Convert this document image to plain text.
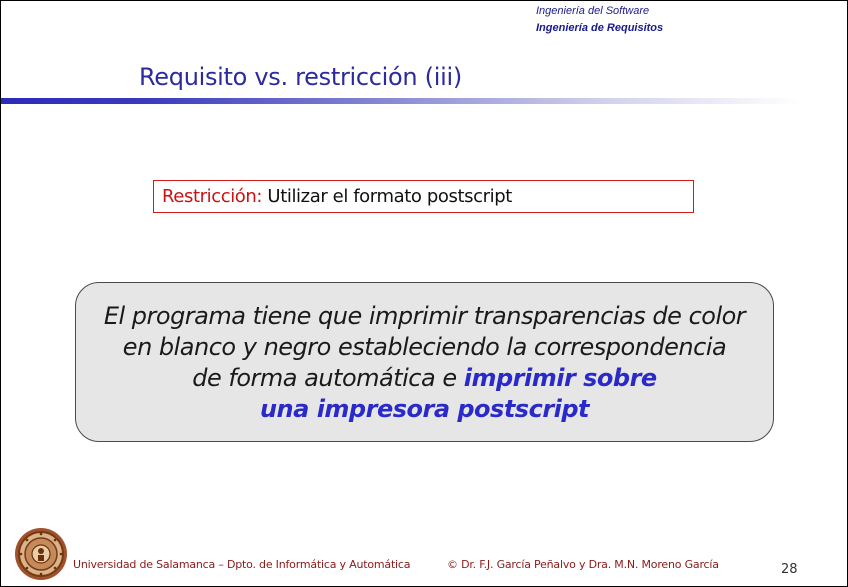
Ingeniería del Software
Ingeniería de Requisitos
Requisito vs. restricción (iii)
Restricción: Utilizar el formato postscript
El programa tiene que imprimir transparencias de color
en blanco y negro estableciendo la correspondencia
de forma automática e imprimir sobre
una impresora postscript
Universidad de Salamanca – Dpto. de Informática y Automática	© Dr. F.J. García Peñalvo y Dra. M.N. Moreno García	28
